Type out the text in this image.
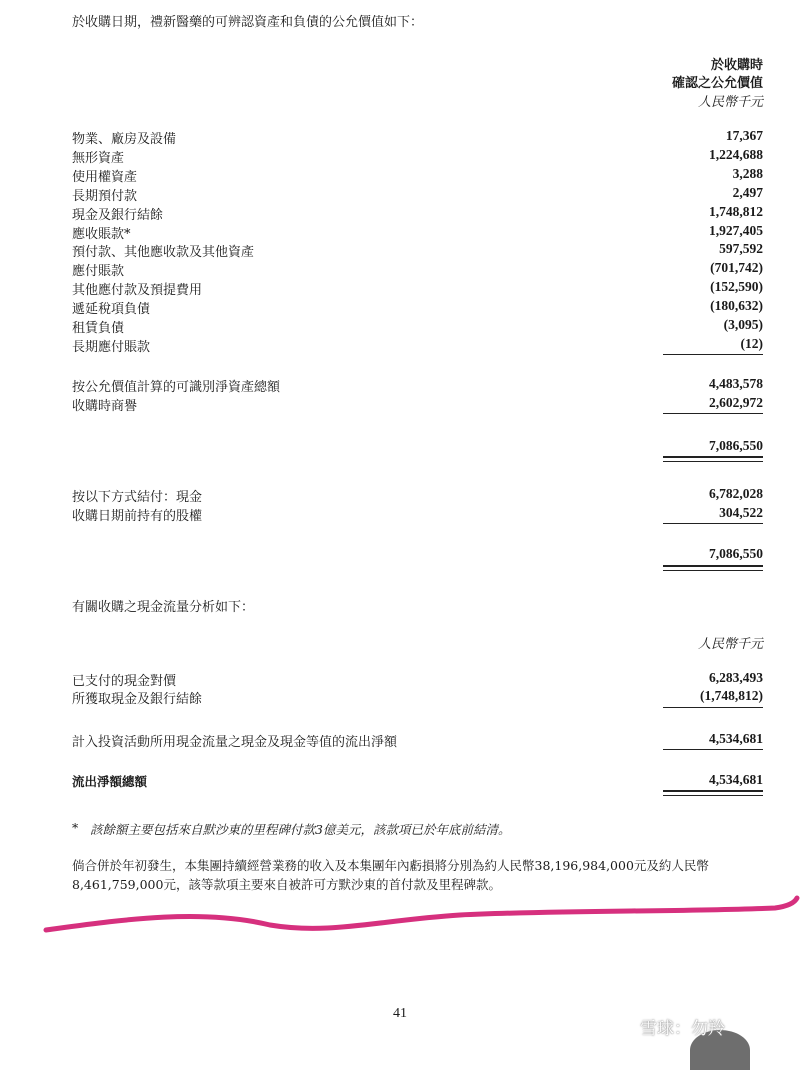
於收購日期，禮新醫藥的可辨認資產和負債的公允價值如下：
於收購時
確認之公允價值
人民幣千元
物業、廠房及設備	17,367
無形資產	1,224,688
使用權資產	3,288
長期預付款	2,497
現金及銀行結餘	1,748,812
應收賬款*	1,927,405
預付款、其他應收款及其他資產	597,592
應付賬款	(701,742)
其他應付款及預提費用	(152,590)
遞延稅項負債	(180,632)
租賃負債	(3,095)
長期應付賬款	(12)
按公允價值計算的可識別淨資產總額	4,483,578
收購時商譽	2,602,972
7,086,550
按以下方式結付：現金	6,782,028
收購日期前持有的股權	304,522
7,086,550
有關收購之現金流量分析如下：
人民幣千元
已支付的現金對價	6,283,493
所獲取現金及銀行結餘	(1,748,812)
計入投資活動所用現金流量之現金及現金等值的流出淨額	4,534,681
流出淨額總額	4,534,681
* 該餘額主要包括來自默沙東的里程碑付款3億美元，該款項已於年底前結清。
倘合併於年初發生，本集團持續經營業務的收入及本集團年內虧損將分別為約人民幣38,196,984,000元及約人民幣
8,461,759,000元，該等款項主要來自被許可方默沙東的首付款及里程碑款。
41
雪球：勿羚
